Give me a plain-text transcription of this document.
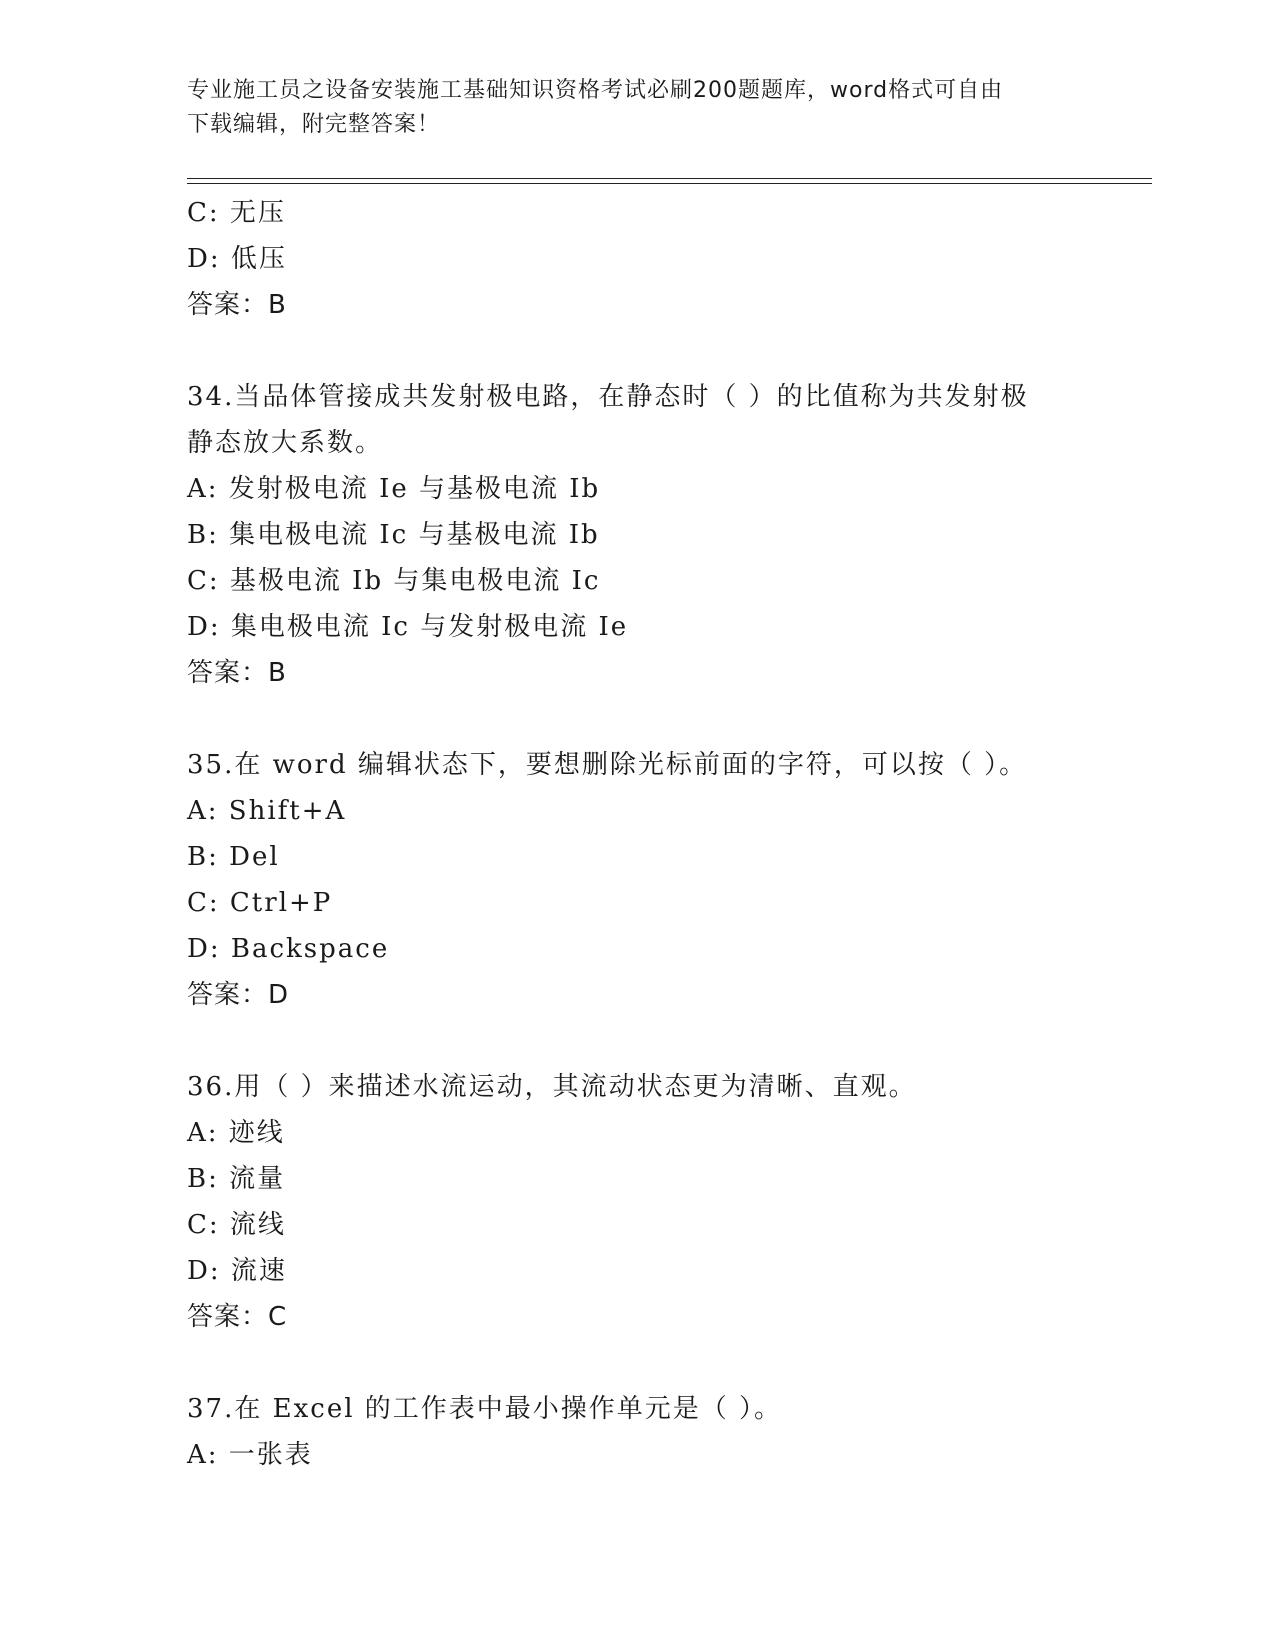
专业施工员之设备安装施工基础知识资格考试必刷200题题库，word格式可自由
下载编辑，附完整答案！
C: 无压
D: 低压
答案：B
34.当品体管接成共发射极电路，在静态时（ ）的比值称为共发射极
静态放大系数。
A: 发射极电流 Ie 与基极电流 Ib
B: 集电极电流 Ic 与基极电流 Ib
C: 基极电流 Ib 与集电极电流 Ic
D: 集电极电流 Ic 与发射极电流 Ie
答案：B
35.在 word 编辑状态下，要想删除光标前面的字符，可以按（ ）。
A: Shift+A
B: Del
C: Ctrl+P
D: Backspace
答案：D
36.用（ ）来描述水流运动，其流动状态更为清晰、直观。
A: 迹线
B: 流量
C: 流线
D: 流速
答案：C
37.在 Excel 的工作表中最小操作单元是（ ）。
A: 一张表
